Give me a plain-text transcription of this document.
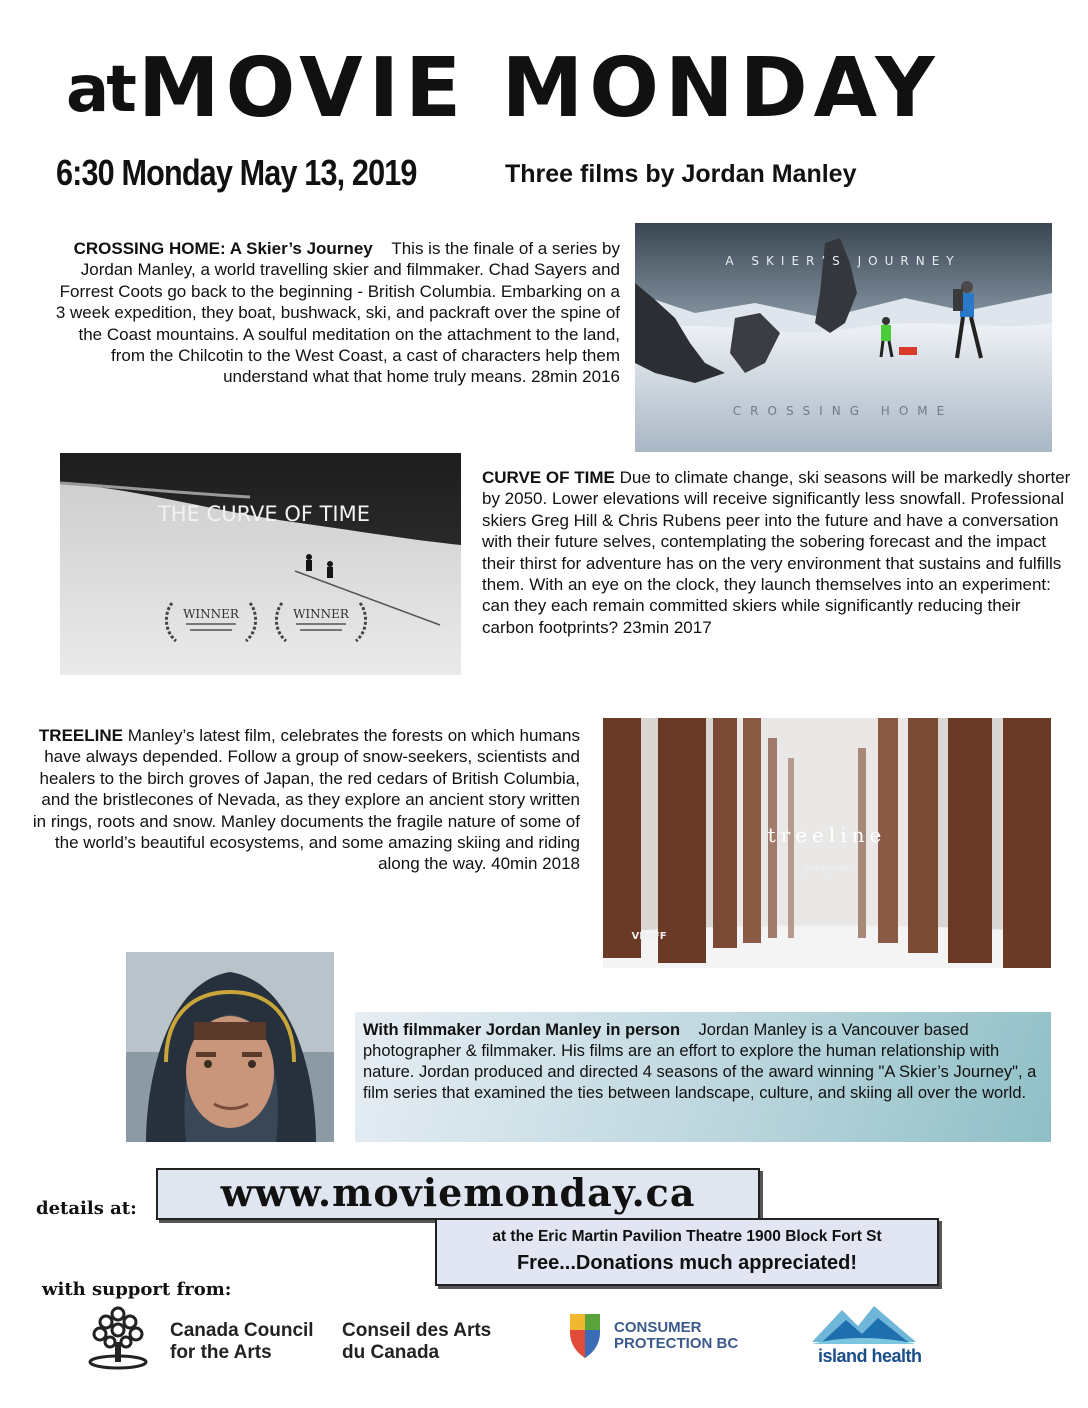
at MOVIE MONDAY
6:30 Monday May 13, 2019	Three films by Jordan Manley
CROSSING HOME: A Skier’s Journey This is the finale of a series by Jordan Manley, a world travelling skier and filmmaker. Chad Sayers and Forrest Coots go back to the beginning - British Columbia. Embarking on a 3 week expedition, they boat, bushwack, ski, and packraft over the spine of the Coast mountains. A soulful meditation on the attachment to the land, from the Chilcotin to the West Coast, a cast of characters help them understand what that home truly means. 28min 2016
A SKIER’S JOURNEY
CROSSING HOME
THE CURVE OF TIME
WINNER	WINNER
CURVE OF TIME Due to climate change, ski seasons will be markedly shorter by 2050. Lower elevations will receive significantly less snowfall. Professional skiers Greg Hill & Chris Rubens peer into the future and have a conversation with their future selves, contemplating the sobering forecast and the impact their thirst for adventure has on the very environment that sustains and fulfills them. With an eye on the clock, they launch themselves into an experiment: can they each remain committed skiers while significantly reducing their carbon footprints? 23min 2017
TREELINE Manley’s latest film, celebrates the forests on which humans have always depended. Follow a group of snow-seekers, scientists and healers to the birch groves of Japan, the red cedars of British Columbia, and the bristlecones of Nevada, as they explore an ancient story written in rings, roots and snow. Manley documents the fragile nature of some of the world’s beautiful ecosystems, and some amazing skiing and riding along the way. 40min 2018
treeline
patagonia
VIMFF
With filmmaker Jordan Manley in person Jordan Manley is a Vancouver based photographer & filmmaker. His films are an effort to explore the human relationship with nature. Jordan produced and directed 4 seasons of the award winning "A Skier’s Journey", a film series that examined the ties between landscape, culture, and skiing all over the world.
details at:	www.moviemonday.ca
at the Eric Martin Pavilion Theatre 1900 Block Fort St
Free...Donations much appreciated!
with support from:
Canada Council
for the Arts
Conseil des Arts
du Canada
CONSUMER
PROTECTION BC
island health
